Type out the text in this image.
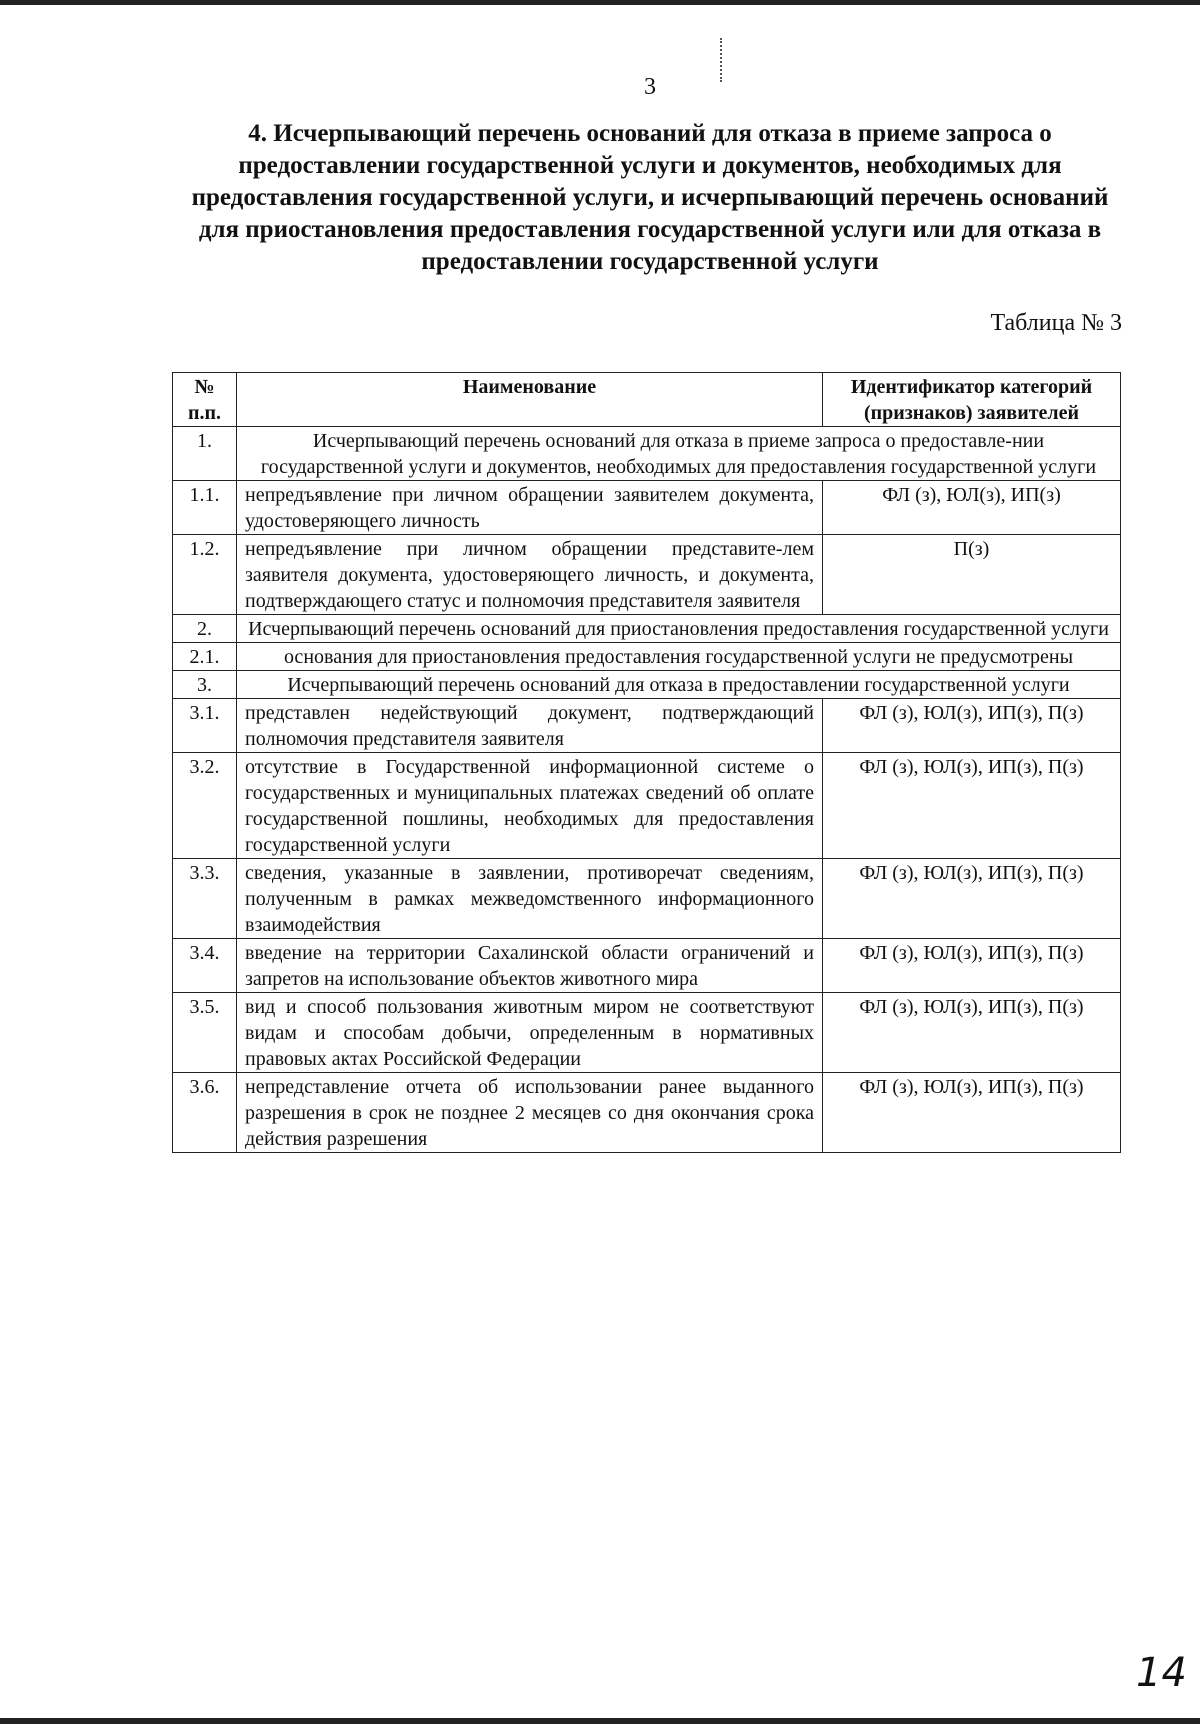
3
4. Исчерпывающий перечень оснований для отказа в приеме запроса о предоставлении государственной услуги и документов, необходимых для предоставления государственной услуги, и исчерпывающий перечень оснований для приостановления предоставления государственной услуги или для отказа в предоставлении государственной услуги
Таблица № 3
№ п.п.	Наименование	Идентификатор категорий (признаков) заявителей
1.	Исчерпывающий перечень оснований для отказа в приеме запроса о предоставле-нии государственной услуги и документов, необходимых для предоставления государственной услуги	
1.1.	непредъявление при личном обращении заявителем документа, удостоверяющего личность	ФЛ (з), ЮЛ(з), ИП(з)
1.2.	непредъявление при личном обращении представите-лем заявителя документа, удостоверяющего личность, и документа, подтверждающего статус и полномочия представителя заявителя	П(з)
2.	Исчерпывающий перечень оснований для приостановления предоставления государственной услуги	
2.1.	основания для приостановления предоставления государственной услуги не предусмотрены	
3.	Исчерпывающий перечень оснований для отказа в предоставлении государственной услуги	
3.1.	представлен недействующий документ, подтверждающий полномочия представителя заявителя	ФЛ (з), ЮЛ(з), ИП(з), П(з)
3.2.	отсутствие в Государственной информационной системе о государственных и муниципальных платежах сведений об оплате государственной пошлины, необходимых для предоставления государственной услуги	ФЛ (з), ЮЛ(з), ИП(з), П(з)
3.3.	сведения, указанные в заявлении, противоречат сведениям, полученным в рамках межведомственного информационного взаимодействия	ФЛ (з), ЮЛ(з), ИП(з), П(з)
3.4.	введение на территории Сахалинской области ограничений и запретов на использование объектов животного мира	ФЛ (з), ЮЛ(з), ИП(з), П(з)
3.5.	вид и способ пользования животным миром не соответствуют видам и способам добычи, определенным в нормативных правовых актах Российской Федерации	ФЛ (з), ЮЛ(з), ИП(з), П(з)
3.6.	непредставление отчета об использовании ранее выданного разрешения в срок не позднее 2 месяцев со дня окончания срока действия разрешения	ФЛ (з), ЮЛ(з), ИП(з), П(з)
14
